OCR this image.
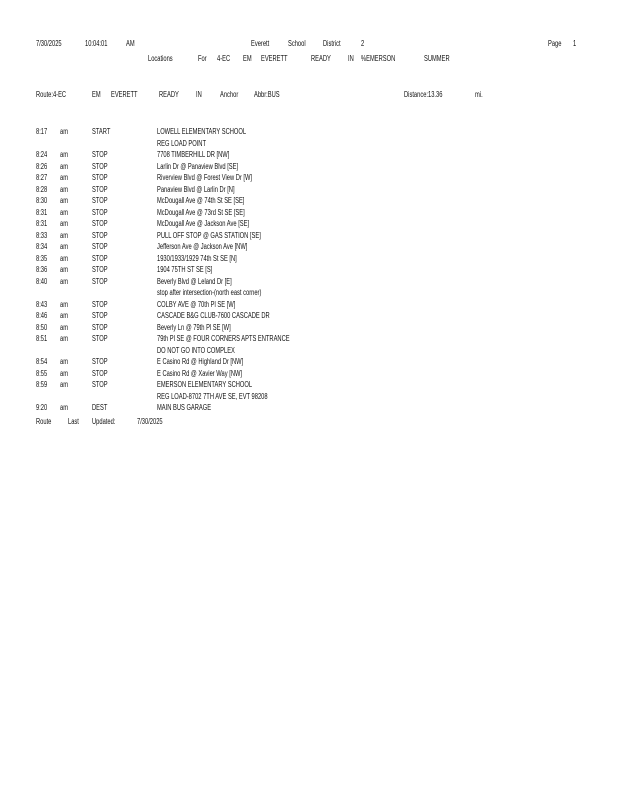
7/30/2025	10:04:01 AM	Everett School District	2	Page 1
Locations	For 4-EC EM EVERETT	READY IN %EMERSON	SUMMER
Route:4-EC	EM EVERETT	READY IN Anchor Abbr:BUS	Distance:13.36	mi.
8:17 am	START	LOWELL ELEMENTARY SCHOOL
REG LOAD POINT
8:24 am	STOP	7708 TIMBERHILL DR [NW]
8:26 am	STOP	Larlin Dr @ Panaview Blvd [SE]
8:27 am	STOP	Riverview Blvd @ Forest View Dr [W]
8:28 am	STOP	Panaview Blvd @ Larlin Dr [N]
8:30 am	STOP	McDougall Ave @ 74th St SE [SE]
8:31 am	STOP	McDougall Ave @ 73rd St SE [SE]
8:31 am	STOP	McDougall Ave @ Jackson Ave [SE]
8:33 am	STOP	PULL OFF STOP @ GAS STATION [SE]
8:34 am	STOP	Jefferson Ave @ Jackson Ave [NW]
8:35 am	STOP	1930/1933/1929 74th St SE [N]
8:36 am	STOP	1904 75TH ST SE [S]
8:40 am	STOP	Beverly Blvd @ Leland Dr [E]
stop after intersection-(north east corner)
8:43 am	STOP	COLBY AVE @ 70th Pl SE [W]
8:46 am	STOP	CASCADE B&G CLUB-7600 CASCADE DR
8:50 am	STOP	Beverly Ln @ 79th Pl SE [W]
8:51 am	STOP	79th Pl SE @ FOUR CORNERS APTS ENTRANCE
DO NOT GO INTO COMPLEX
8:54 am	STOP	E Casino Rd @ Highland Dr [NW]
8:55 am	STOP	E Casino Rd @ Xavier Way [NW]
8:59 am	STOP	EMERSON ELEMENTARY SCHOOL
REG LOAD-8702 7TH AVE SE, EVT 98208
9:20 am	DEST	MAIN BUS GARAGE
Route Last Updated:	7/30/2025
